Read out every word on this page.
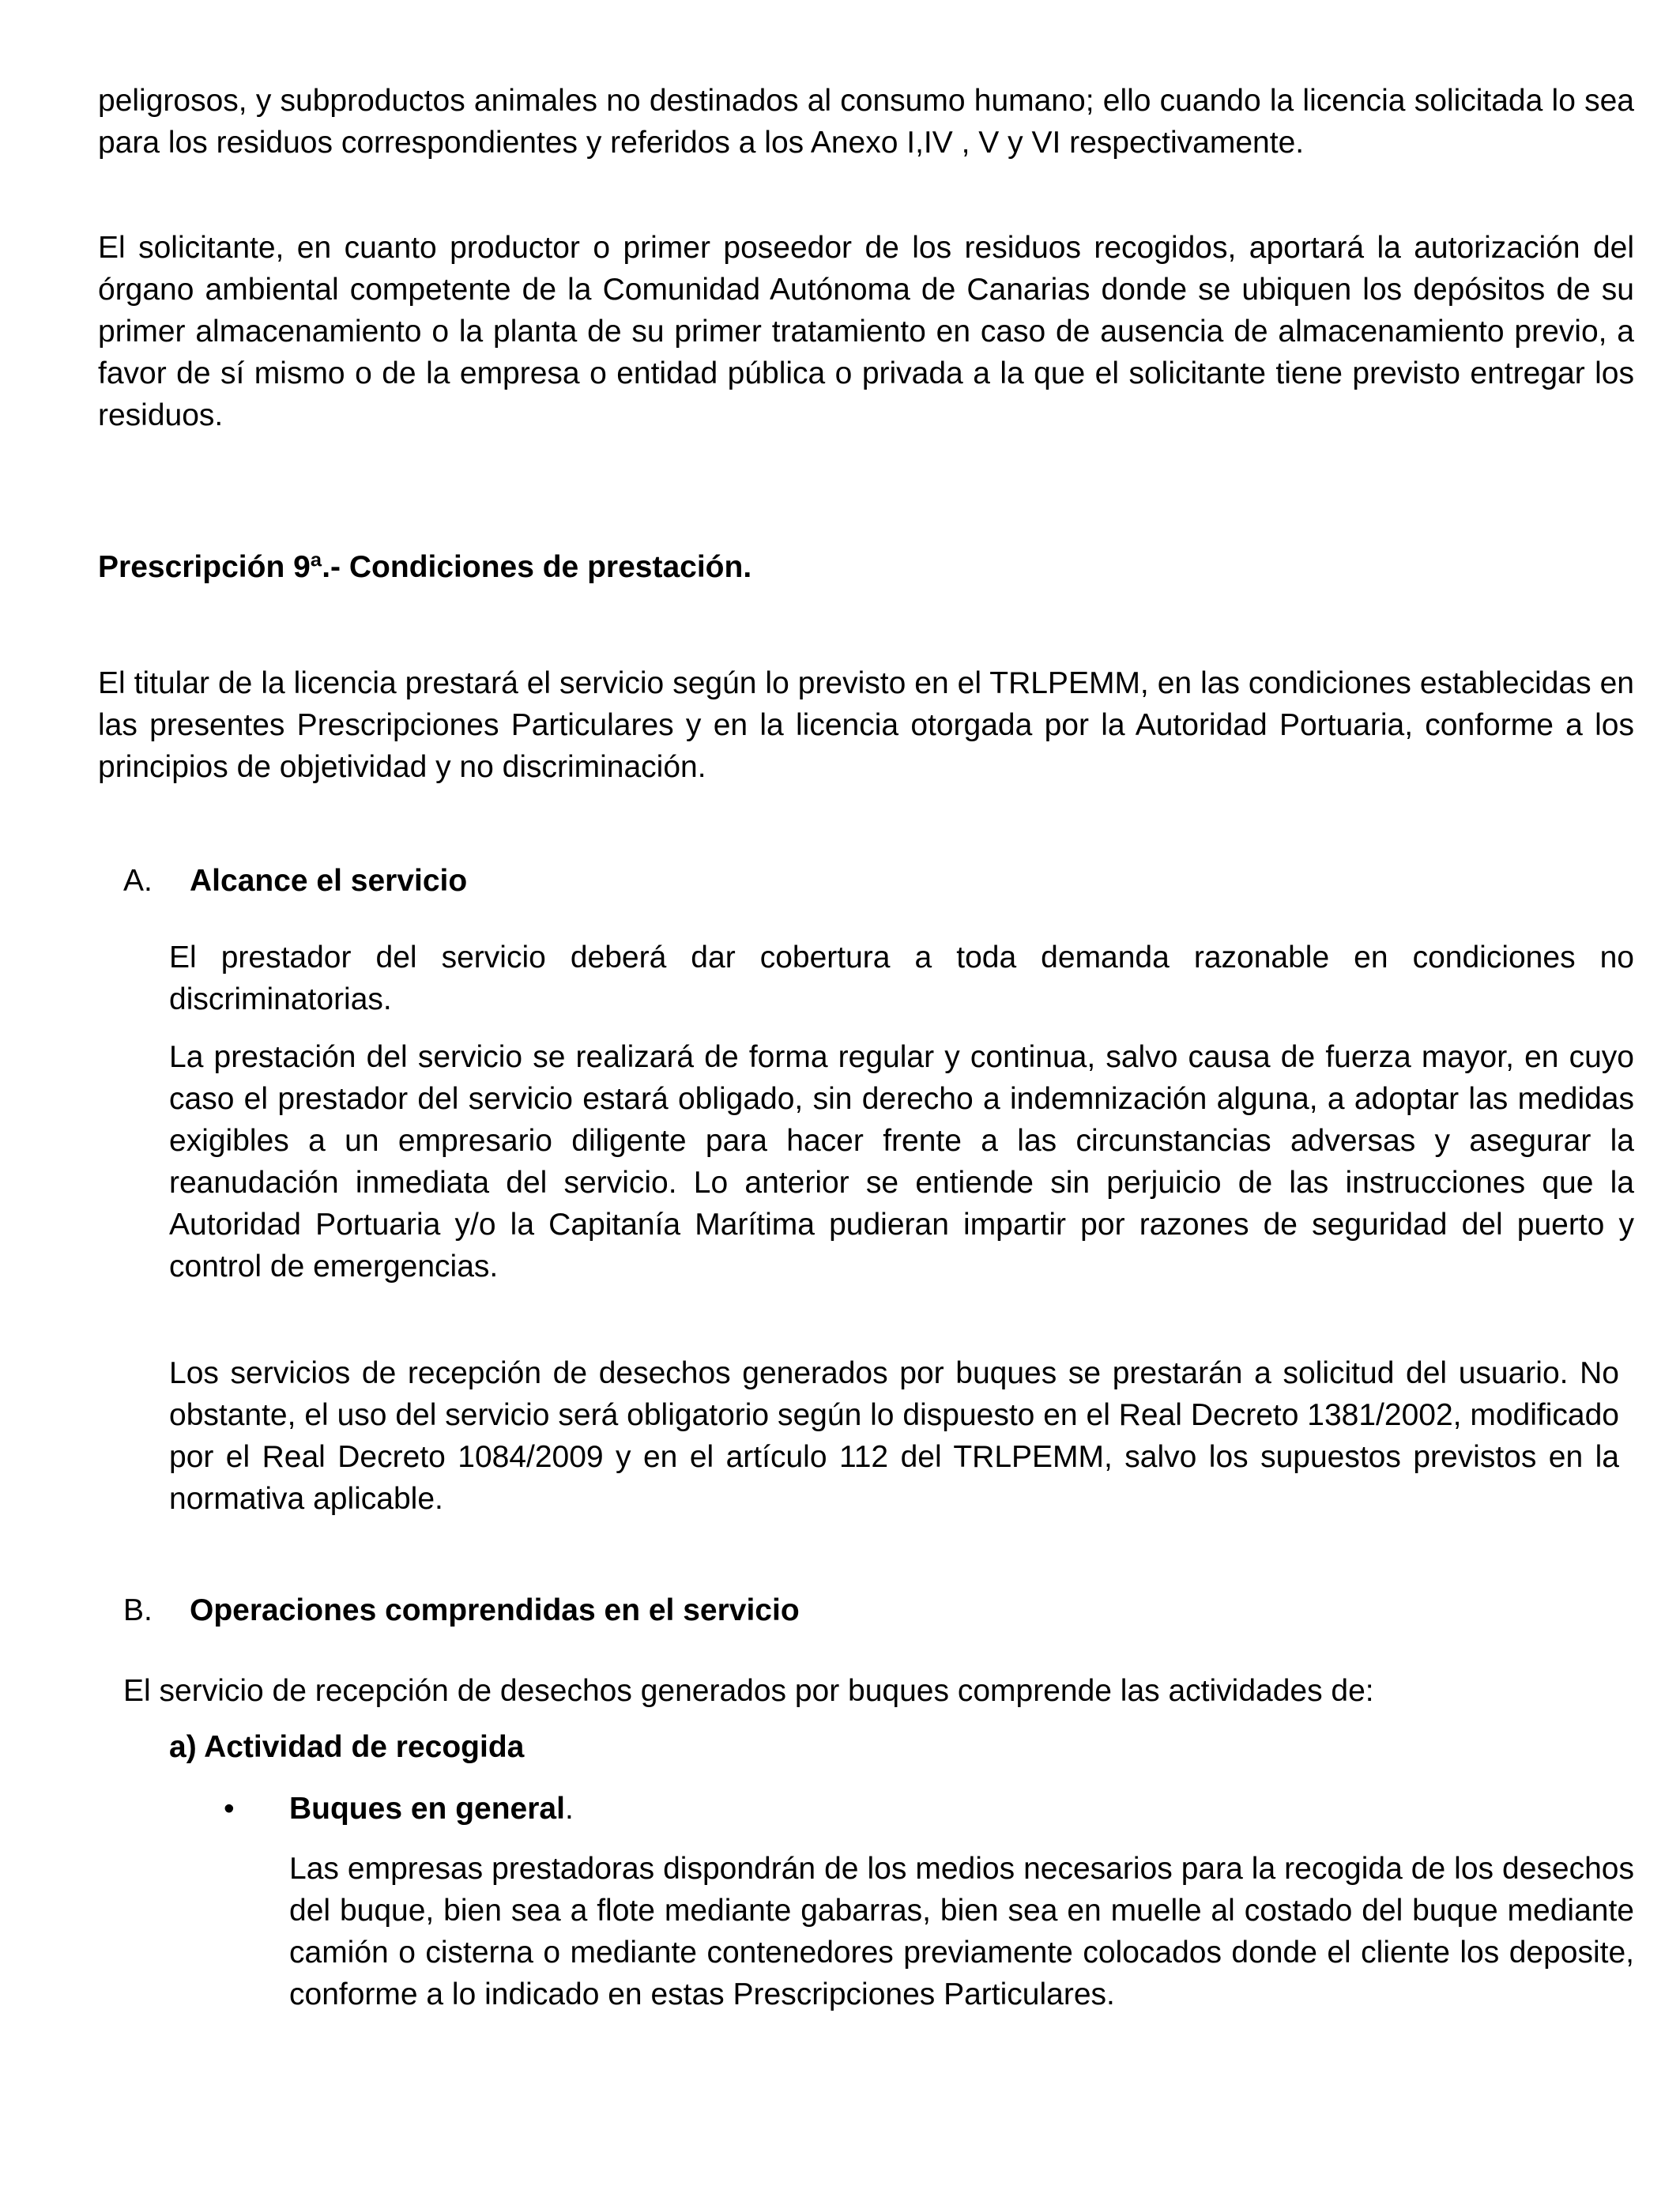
peligrosos, y subproductos animales no destinados al consumo humano; ello cuando la licencia solicitada lo sea para los residuos correspondientes y referidos a los Anexo I,IV , V y VI respectivamente.

El solicitante, en cuanto productor o primer poseedor de los residuos recogidos, aportará la autorización del órgano ambiental competente de la Comunidad Autónoma de Canarias donde se ubiquen los depósitos de su primer almacenamiento o la planta de su primer tratamiento en caso de ausencia de almacenamiento previo, a favor de sí mismo o de la empresa o entidad pública o privada a la que el solicitante tiene previsto entregar los residuos.

Prescripción 9ª.- Condiciones de prestación.

El titular de la licencia prestará el servicio según lo previsto en el TRLPEMM, en las condiciones establecidas en las presentes Prescripciones Particulares y en la licencia otorgada por la Autoridad Portuaria, conforme a los principios de objetividad y no discriminación.

A. Alcance el servicio

El prestador del servicio deberá dar cobertura a toda demanda razonable en condiciones no discriminatorias.

La prestación del servicio se realizará de forma regular y continua, salvo causa de fuerza mayor, en cuyo caso el prestador del servicio estará obligado, sin derecho a indemnización alguna, a adoptar las medidas exigibles a un empresario diligente para hacer frente a las circunstancias adversas y asegurar la reanudación inmediata del servicio. Lo anterior se entiende sin perjuicio de las instrucciones que la Autoridad Portuaria y/o la Capitanía Marítima pudieran impartir por razones de seguridad del puerto y control de emergencias.

Los servicios de recepción de desechos generados por buques se prestarán a solicitud del usuario. No obstante, el uso del servicio será obligatorio según lo dispuesto en el Real Decreto 1381/2002, modificado por el Real Decreto 1084/2009 y en el artículo 112 del TRLPEMM, salvo los supuestos previstos en la normativa aplicable.

B. Operaciones comprendidas en el servicio

El servicio de recepción de desechos generados por buques comprende las actividades de:

a) Actividad de recogida

• Buques en general.

Las empresas prestadoras dispondrán de los medios necesarios para la recogida de los desechos del buque, bien sea a flote mediante gabarras, bien sea en muelle al costado del buque mediante camión o cisterna o mediante contenedores previamente colocados donde el cliente los deposite, conforme a lo indicado en estas Prescripciones Particulares.
